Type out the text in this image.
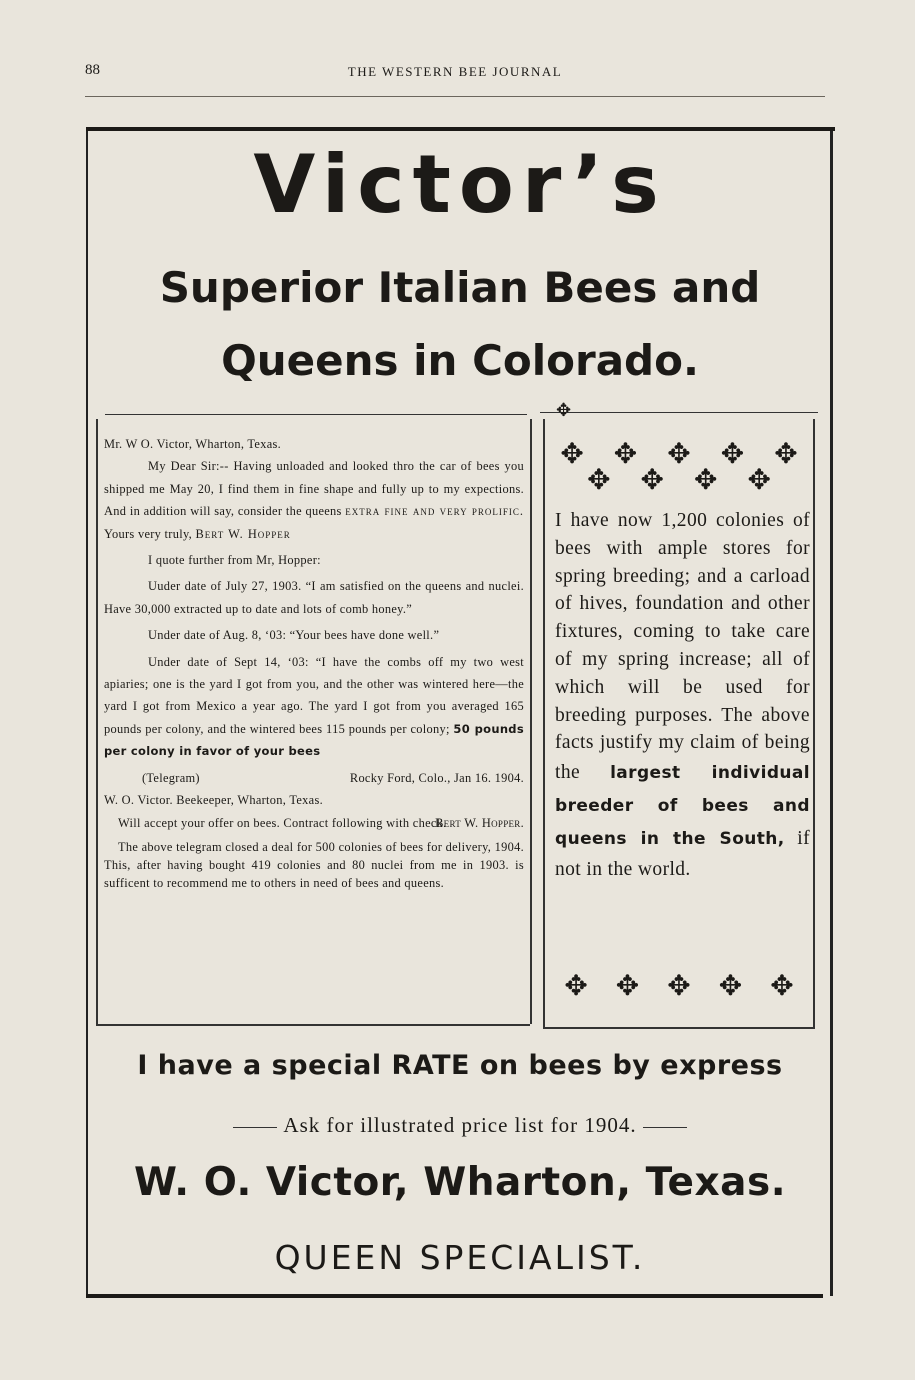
88	THE WESTERN BEE JOURNAL
Victor’s
Superior Italian Bees and
Queens in Colorado.
✥

Mr. W O. Victor, Wharton, Texas.

My Dear Sir:-- Having unloaded and looked thro the car of bees you shipped me May 20, I find them in fine shape and fully up to my expections. And in addition will say, consider the queens extra fine and very prolific. Yours very truly, Bert W. Hopper

I quote further from Mr, Hopper:

Uuder date of July 27, 1903. “I am satisfied on the queens and nuclei. Have 30,000 extracted up to date and lots of comb honey.”

Under date of Aug. 8, ‘03: “Your bees have done well.”

Under date of Sept 14, ‘03: “I have the combs off my two west apiaries; one is the yard I got from you, and the other was wintered here—the yard I got from Mexico a year ago. The yard I got from you averaged 165 pounds per colony, and the wintered bees 115 pounds per colony; 50 pounds per colony in favor of your bees

(Telegram)	Rocky Ford, Colo., Jan 16. 1904.

W. O. Victor. Beekeeper, Wharton, Texas.

Will accept your offer on bees. Contract following with check.

Bert W. Hopper.

The above telegram closed a deal for 500 colonies of bees for delivery, 1904. This, after having bought 419 colonies and 80 nuclei from me in 1903. is sufficent to recommend me to others in need of bees and queens.

✥ ✥ ✥ ✥ ✥
✥ ✥ ✥ ✥
I have now 1,200 colonies of bees with ample stores for spring breeding; and a carload of hives, foundation and other fixtures, coming to take care of my spring increase; all of which will be used for breeding purposes. The above facts justify my claim of being the largest individual breeder of bees and queens in the South, if not in the world.
✥ ✥ ✥ ✥ ✥
I have a special RATE on bees by express
Ask for illustrated price list for 1904.
W. O. Victor, Wharton, Texas.
QUEEN SPECIALIST.
